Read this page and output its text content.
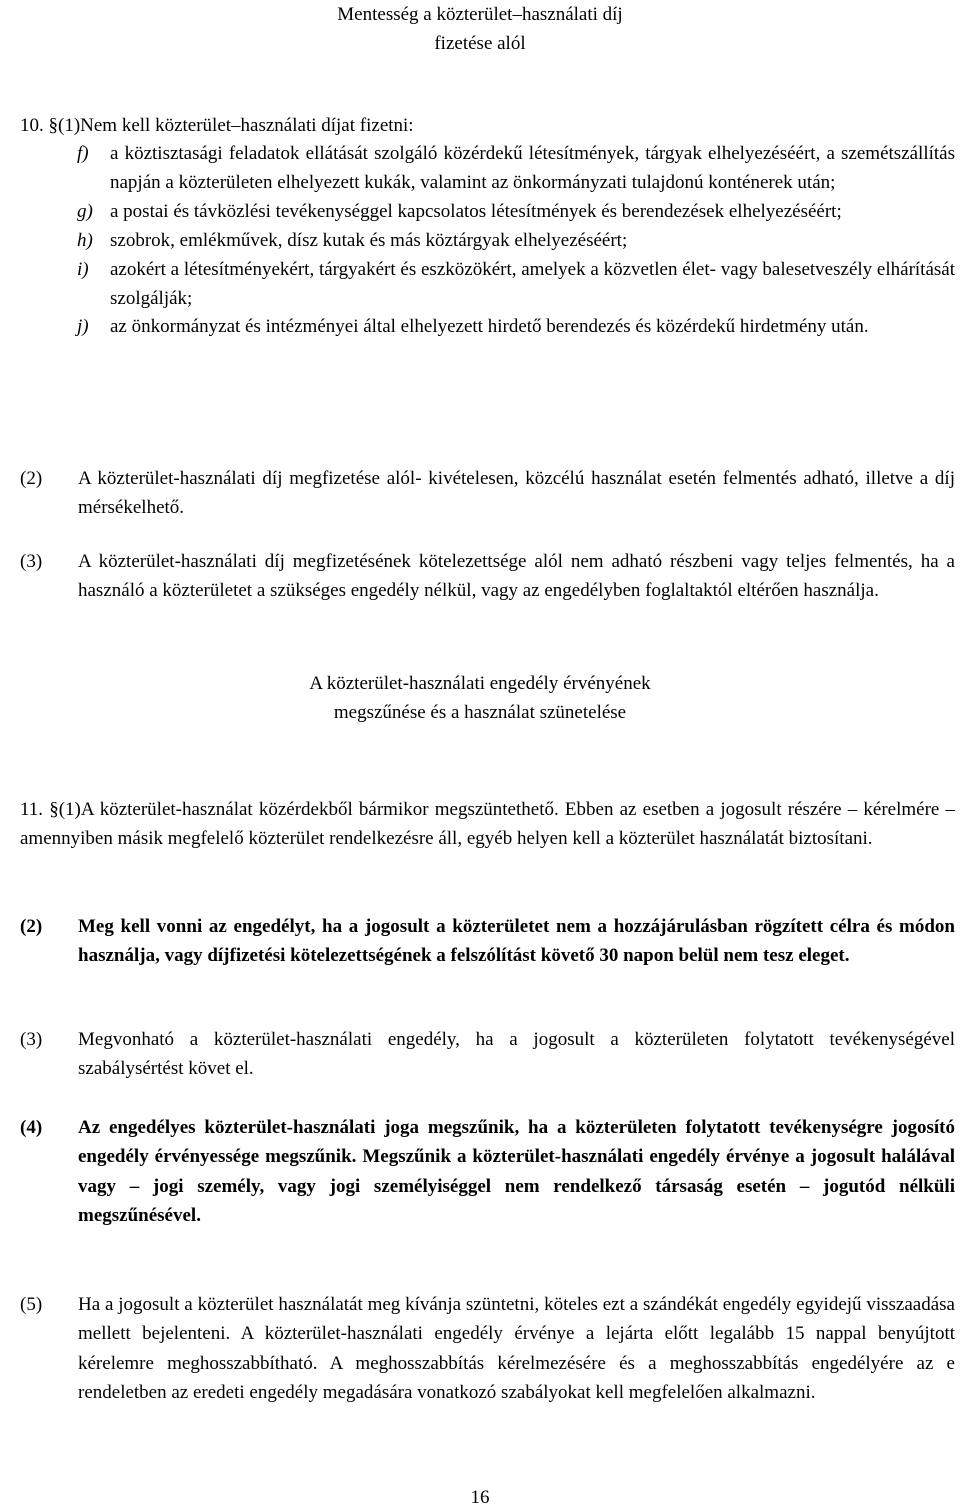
Mentesség a közterület–használati díj
fizetése alól
10. §(1)Nem kell közterület–használati díjat fizetni:
f) a köztisztasági feladatok ellátását szolgáló közérdekű létesítmények, tárgyak elhelyezéséért, a szemétszállítás napján a közterületen elhelyezett kukák, valamint az önkormányzati tulajdonú konténerek után;
g) a postai és távközlési tevékenységgel kapcsolatos létesítmények és berendezések elhelyezéséért;
h) szobrok, emlékművek, dísz kutak és más köztárgyak elhelyezéséért;
i) azokért a létesítményekért, tárgyakért és eszközökért, amelyek a közvetlen élet- vagy balesetveszély elhárítását szolgálják;
j) az önkormányzat és intézményei által elhelyezett hirdető berendezés és közérdekű hirdetmény után.
(2) A közterület-használati díj megfizetése alól- kivételesen, közcélú használat esetén felmentés adható, illetve a díj mérsékelhető.
(3) A közterület-használati díj megfizetésének kötelezettsége alól nem adható részbeni vagy teljes felmentés, ha a használó a közterületet a szükséges engedély nélkül, vagy az engedélyben foglaltaktól eltérően használja.
A közterület-használati engedély érvényének
megszűnése és a használat szünetelése
11. §(1)A közterület-használat közérdekből bármikor megszüntethető. Ebben az esetben a jogosult részére – kérelmére – amennyiben másik megfelelő közterület rendelkezésre áll, egyéb helyen kell a közterület használatát biztosítani.
(2) Meg kell vonni az engedélyt, ha a jogosult a közterületet nem a hozzájárulásban rögzített célra és módon használja, vagy díjfizetési kötelezettségének a felszólítást követő 30 napon belül nem tesz eleget.
(3) Megvonható a közterület-használati engedély, ha a jogosult a közterületen folytatott tevékenységével szabálysértést követ el.
(4) Az engedélyes közterület-használati joga megszűnik, ha a közterületen folytatott tevékenységre jogosító engedély érvényessége megszűnik. Megszűnik a közterület-használati engedély érvénye a jogosult halálával vagy – jogi személy, vagy jogi személyiséggel nem rendelkező társaság esetén – jogutód nélküli megszűnésével.
(5) Ha a jogosult a közterület használatát meg kívánja szüntetni, köteles ezt a szándékát engedély egyidejű visszaadása mellett bejelenteni. A közterület-használati engedély érvénye a lejárta előtt legalább 15 nappal benyújtott kérelemre meghosszabbítható. A meghosszabbítás kérelmezésére és a meghosszabbítás engedélyére az e rendeletben az eredeti engedély megadására vonatkozó szabályokat kell megfelelően alkalmazni.
16
